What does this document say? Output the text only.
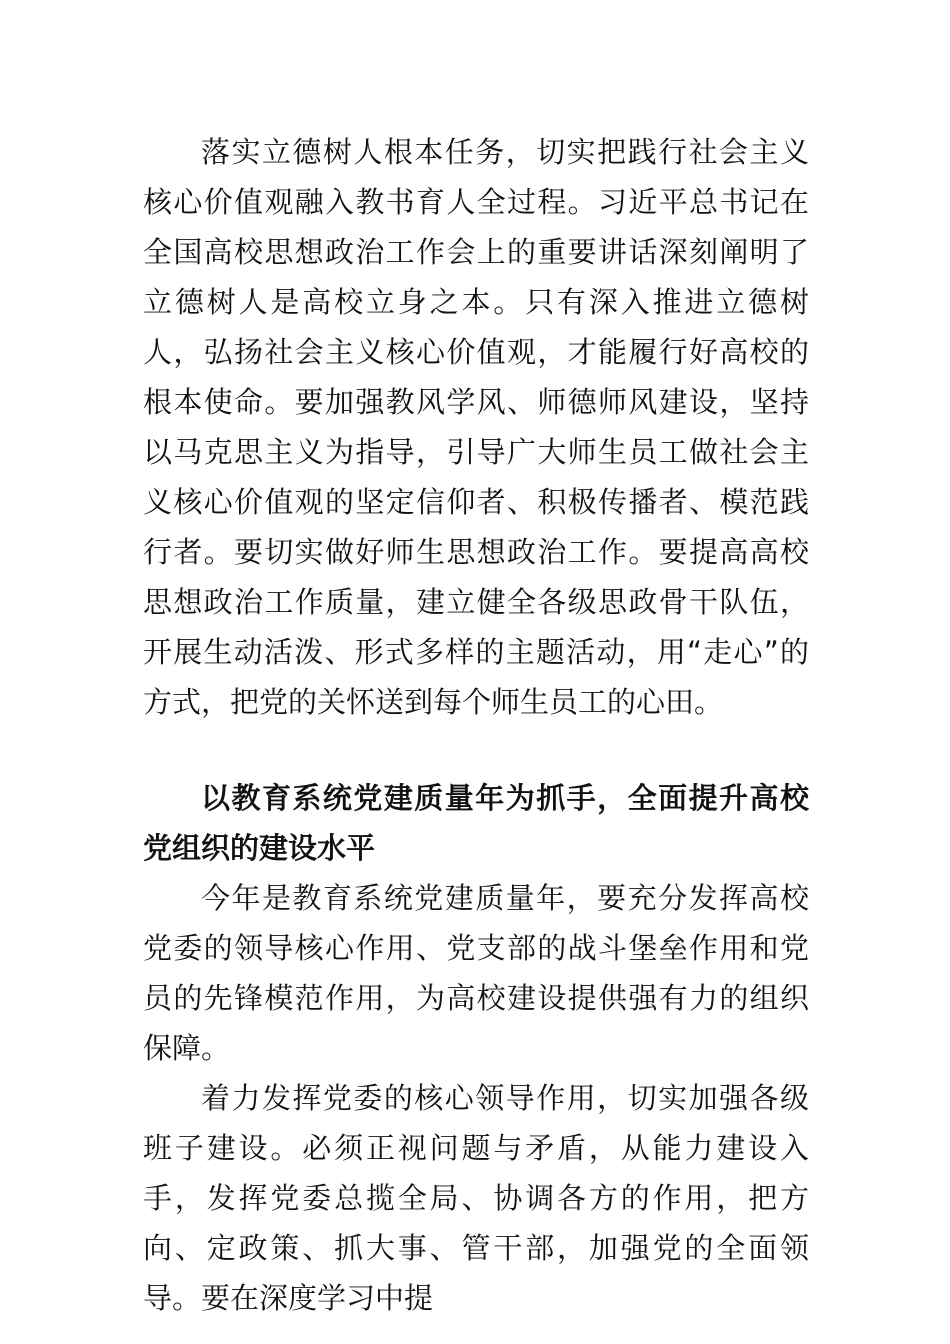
落实立德树人根本任务，切实把践行社会主义核心价值观融入教书育人全过程。习近平总书记在全国高校思想政治工作会上的重要讲话深刻阐明了立德树人是高校立身之本。只有深入推进立德树人，弘扬社会主义核心价值观，才能履行好高校的根本使命。要加强教风学风、师德师风建设，坚持以马克思主义为指导，引导广大师生员工做社会主义核心价值观的坚定信仰者、积极传播者、模范践行者。要切实做好师生思想政治工作。要提高高校思想政治工作质量，建立健全各级思政骨干队伍，开展生动活泼、形式多样的主题活动，用“走心”的方式，把党的关怀送到每个师生员工的心田。

以教育系统党建质量年为抓手，全面提升高校党组织的建设水平

今年是教育系统党建质量年，要充分发挥高校党委的领导核心作用、党支部的战斗堡垒作用和党员的先锋模范作用，为高校建设提供强有力的组织保障。

着力发挥党委的核心领导作用，切实加强各级班子建设。必须正视问题与矛盾，从能力建设入手，发挥党委总揽全局、协调各方的作用，把方向、定政策、抓大事、管干部，加强党的全面领导。要在深度学习中提
